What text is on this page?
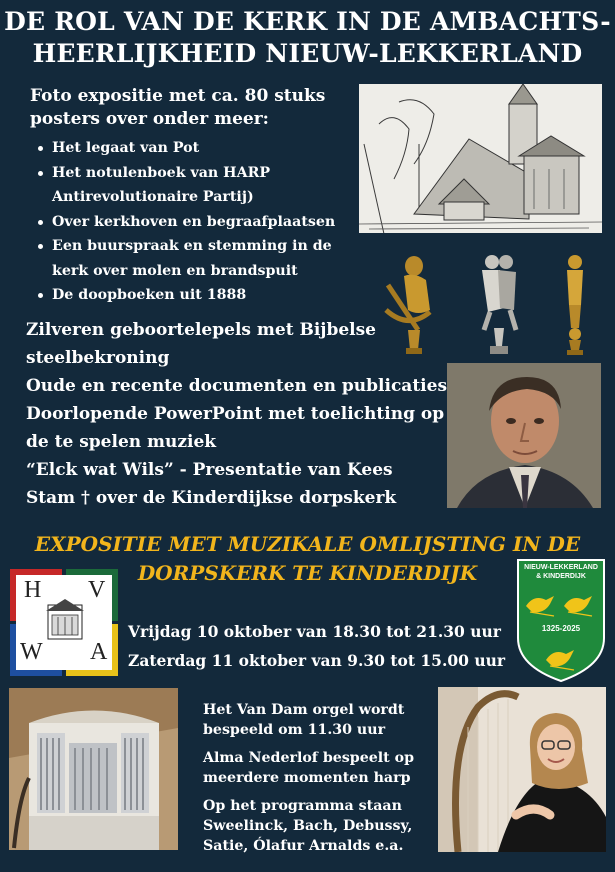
DE ROL VAN DE KERK IN DE AMBACHTS-
HEERLIJKHEID NIEUW-LEKKERLAND
Foto expositie met ca. 80 stuks
posters over onder meer:
Het legaat van Pot
Het notulenboek van HARP Antirevolutionaire Partij)
Over kerkhoven en begraafplaatsen
Een buurspraak en stemming in de kerk over molen en brandspuit
De doopboeken uit 1888
Zilveren geboortelepels met Bijbelse
steelbekroning
Oude en recente documenten en publicaties
Doorlopende PowerPoint met toelichting op
de te spelen muziek
“Elck wat Wils” - Presentatie van Kees
Stam † over de Kinderdijkse dorpskerk
EXPOSITIE MET MUZIKALE OMLIJSTING IN DE
DORPSKERK TE KINDERDIJK
H V
W A
Vrijdag 10 oktober van 18.30 tot 21.30 uur
Zaterdag 11 oktober van 9.30 tot 15.00 uur
NIEUW-LEKKERLAND
& KINDERDIJK
1325-2025

Het Van Dam orgel wordt bespeeld om 11.30 uur

Alma Nederlof bespeelt op meerdere momenten harp

Op het programma staan Sweelinck, Bach, Debussy, Satie, Ólafur Arnalds e.a.
